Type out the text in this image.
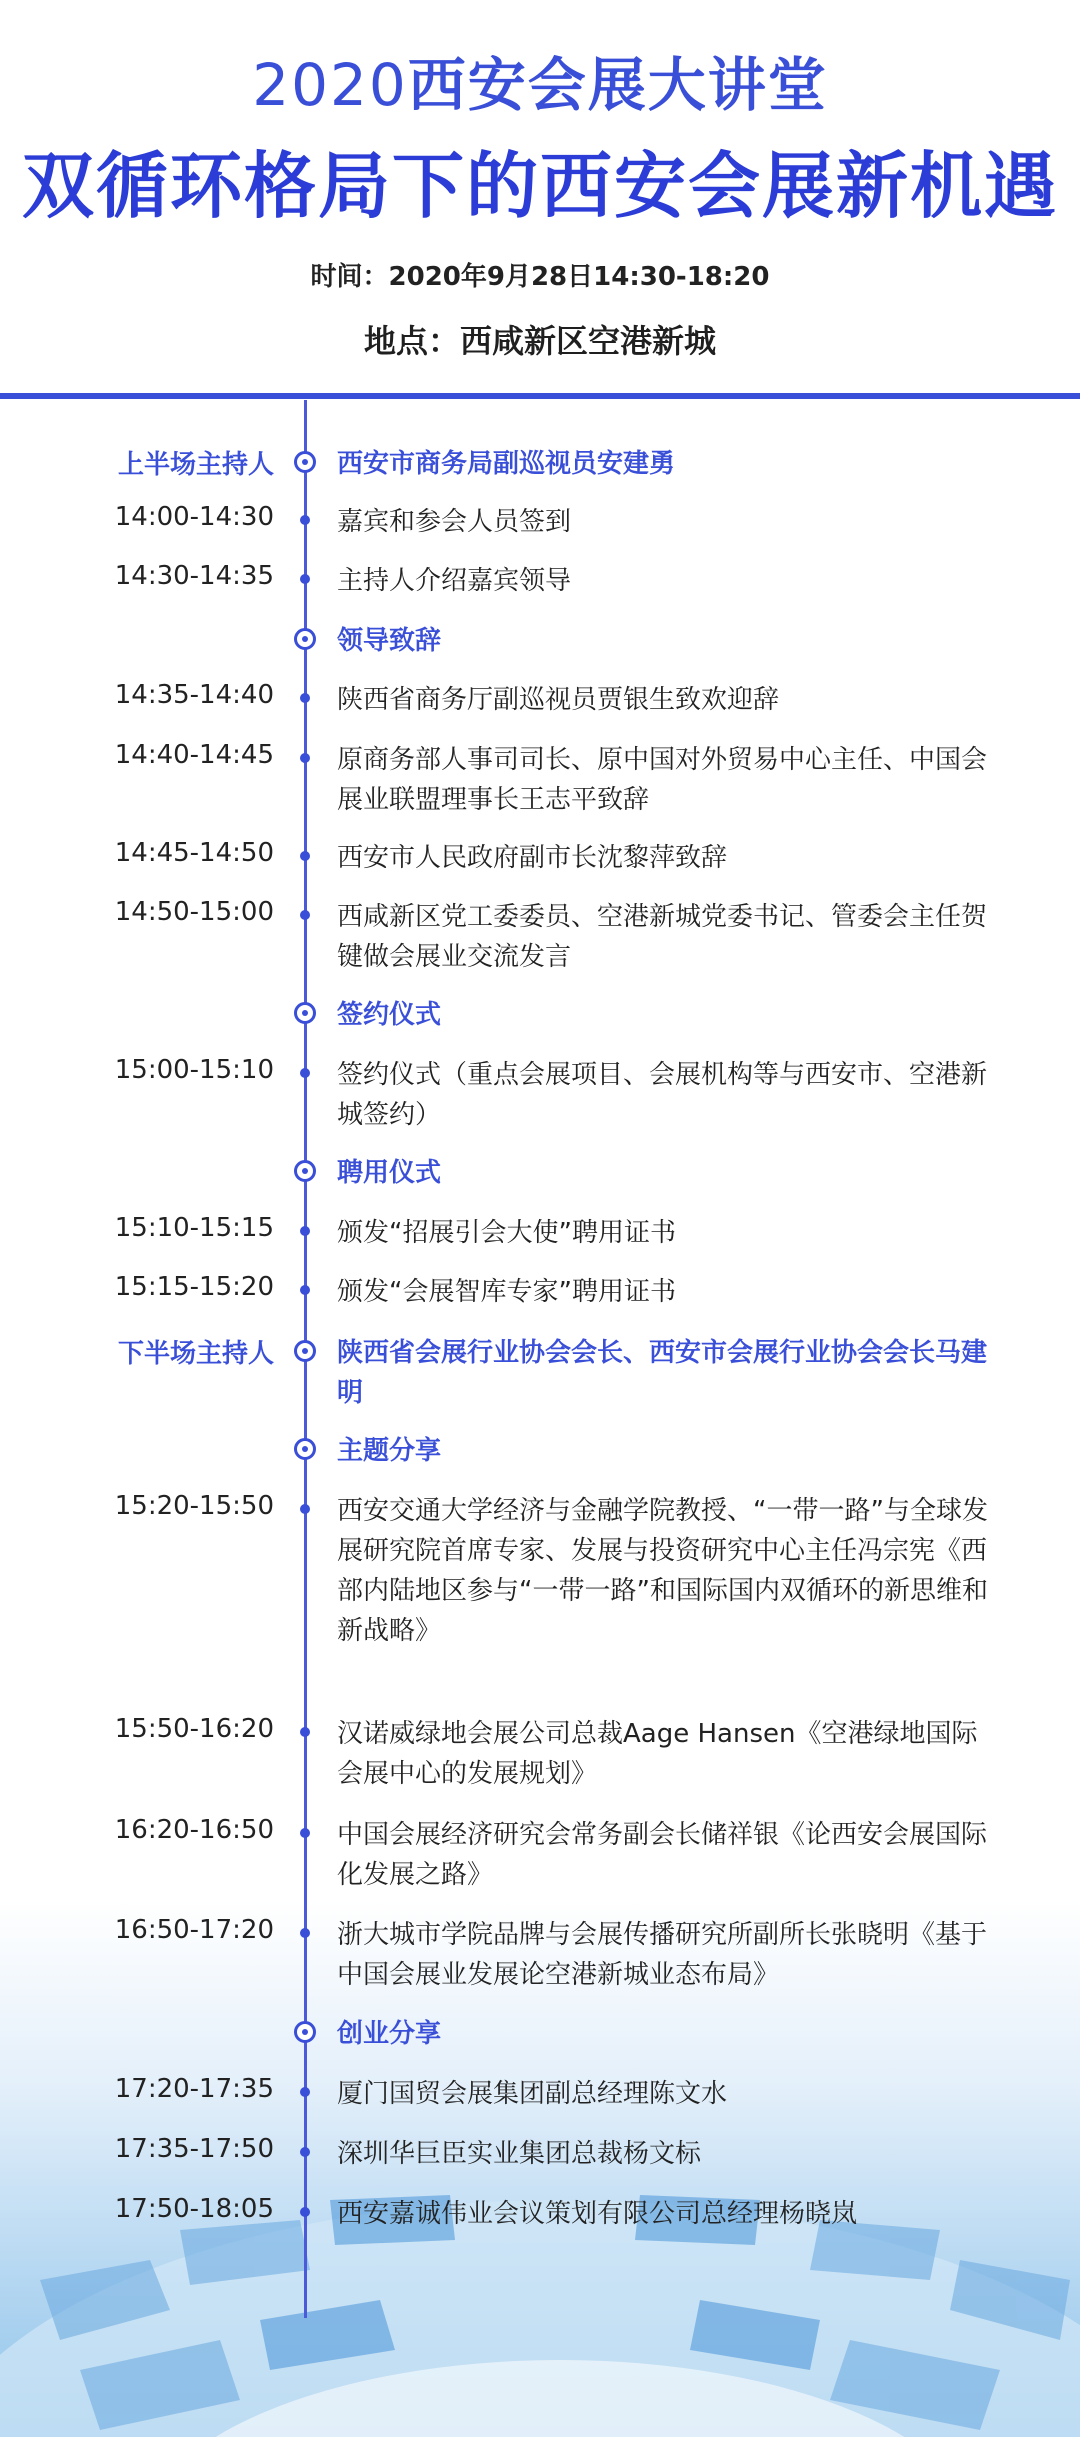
2020西安会展大讲堂
双循环格局下的西安会展新机遇
时间：2020年9月28日14:30-18:20
地点：西咸新区空港新城
上半场主持人 西安市商务局副巡视员安建勇
14:00-14:30 嘉宾和参会人员签到
14:30-14:35 主持人介绍嘉宾领导
领导致辞
14:35-14:40 陕西省商务厅副巡视员贾银生致欢迎辞
14:40-14:45 原商务部人事司司长、原中国对外贸易中心主任、中国会展业联盟理事长王志平致辞
14:45-14:50 西安市人民政府副市长沈黎萍致辞
14:50-15:00 西咸新区党工委委员、空港新城党委书记、管委会主任贺键做会展业交流发言
签约仪式
15:00-15:10 签约仪式（重点会展项目、会展机构等与西安市、空港新城签约）
聘用仪式
15:10-15:15 颁发“招展引会大使”聘用证书
15:15-15:20 颁发“会展智库专家”聘用证书
下半场主持人 陕西省会展行业协会会长、西安市会展行业协会会长马建明
主题分享
15:20-15:50 西安交通大学经济与金融学院教授、“一带一路”与全球发展研究院首席专家、发展与投资研究中心主任冯宗宪《西部内陆地区参与“一带一路”和国际国内双循环的新思维和新战略》
15:50-16:20 汉诺威绿地会展公司总裁Aage Hansen《空港绿地国际会展中心的发展规划》
16:20-16:50 中国会展经济研究会常务副会长储祥银《论西安会展国际化发展之路》
16:50-17:20 浙大城市学院品牌与会展传播研究所副所长张晓明《基于中国会展业发展论空港新城业态布局》
创业分享
17:20-17:35 厦门国贸会展集团副总经理陈文水
17:35-17:50 深圳华巨臣实业集团总裁杨文标
17:50-18:05 西安嘉诚伟业会议策划有限公司总经理杨晓岚
